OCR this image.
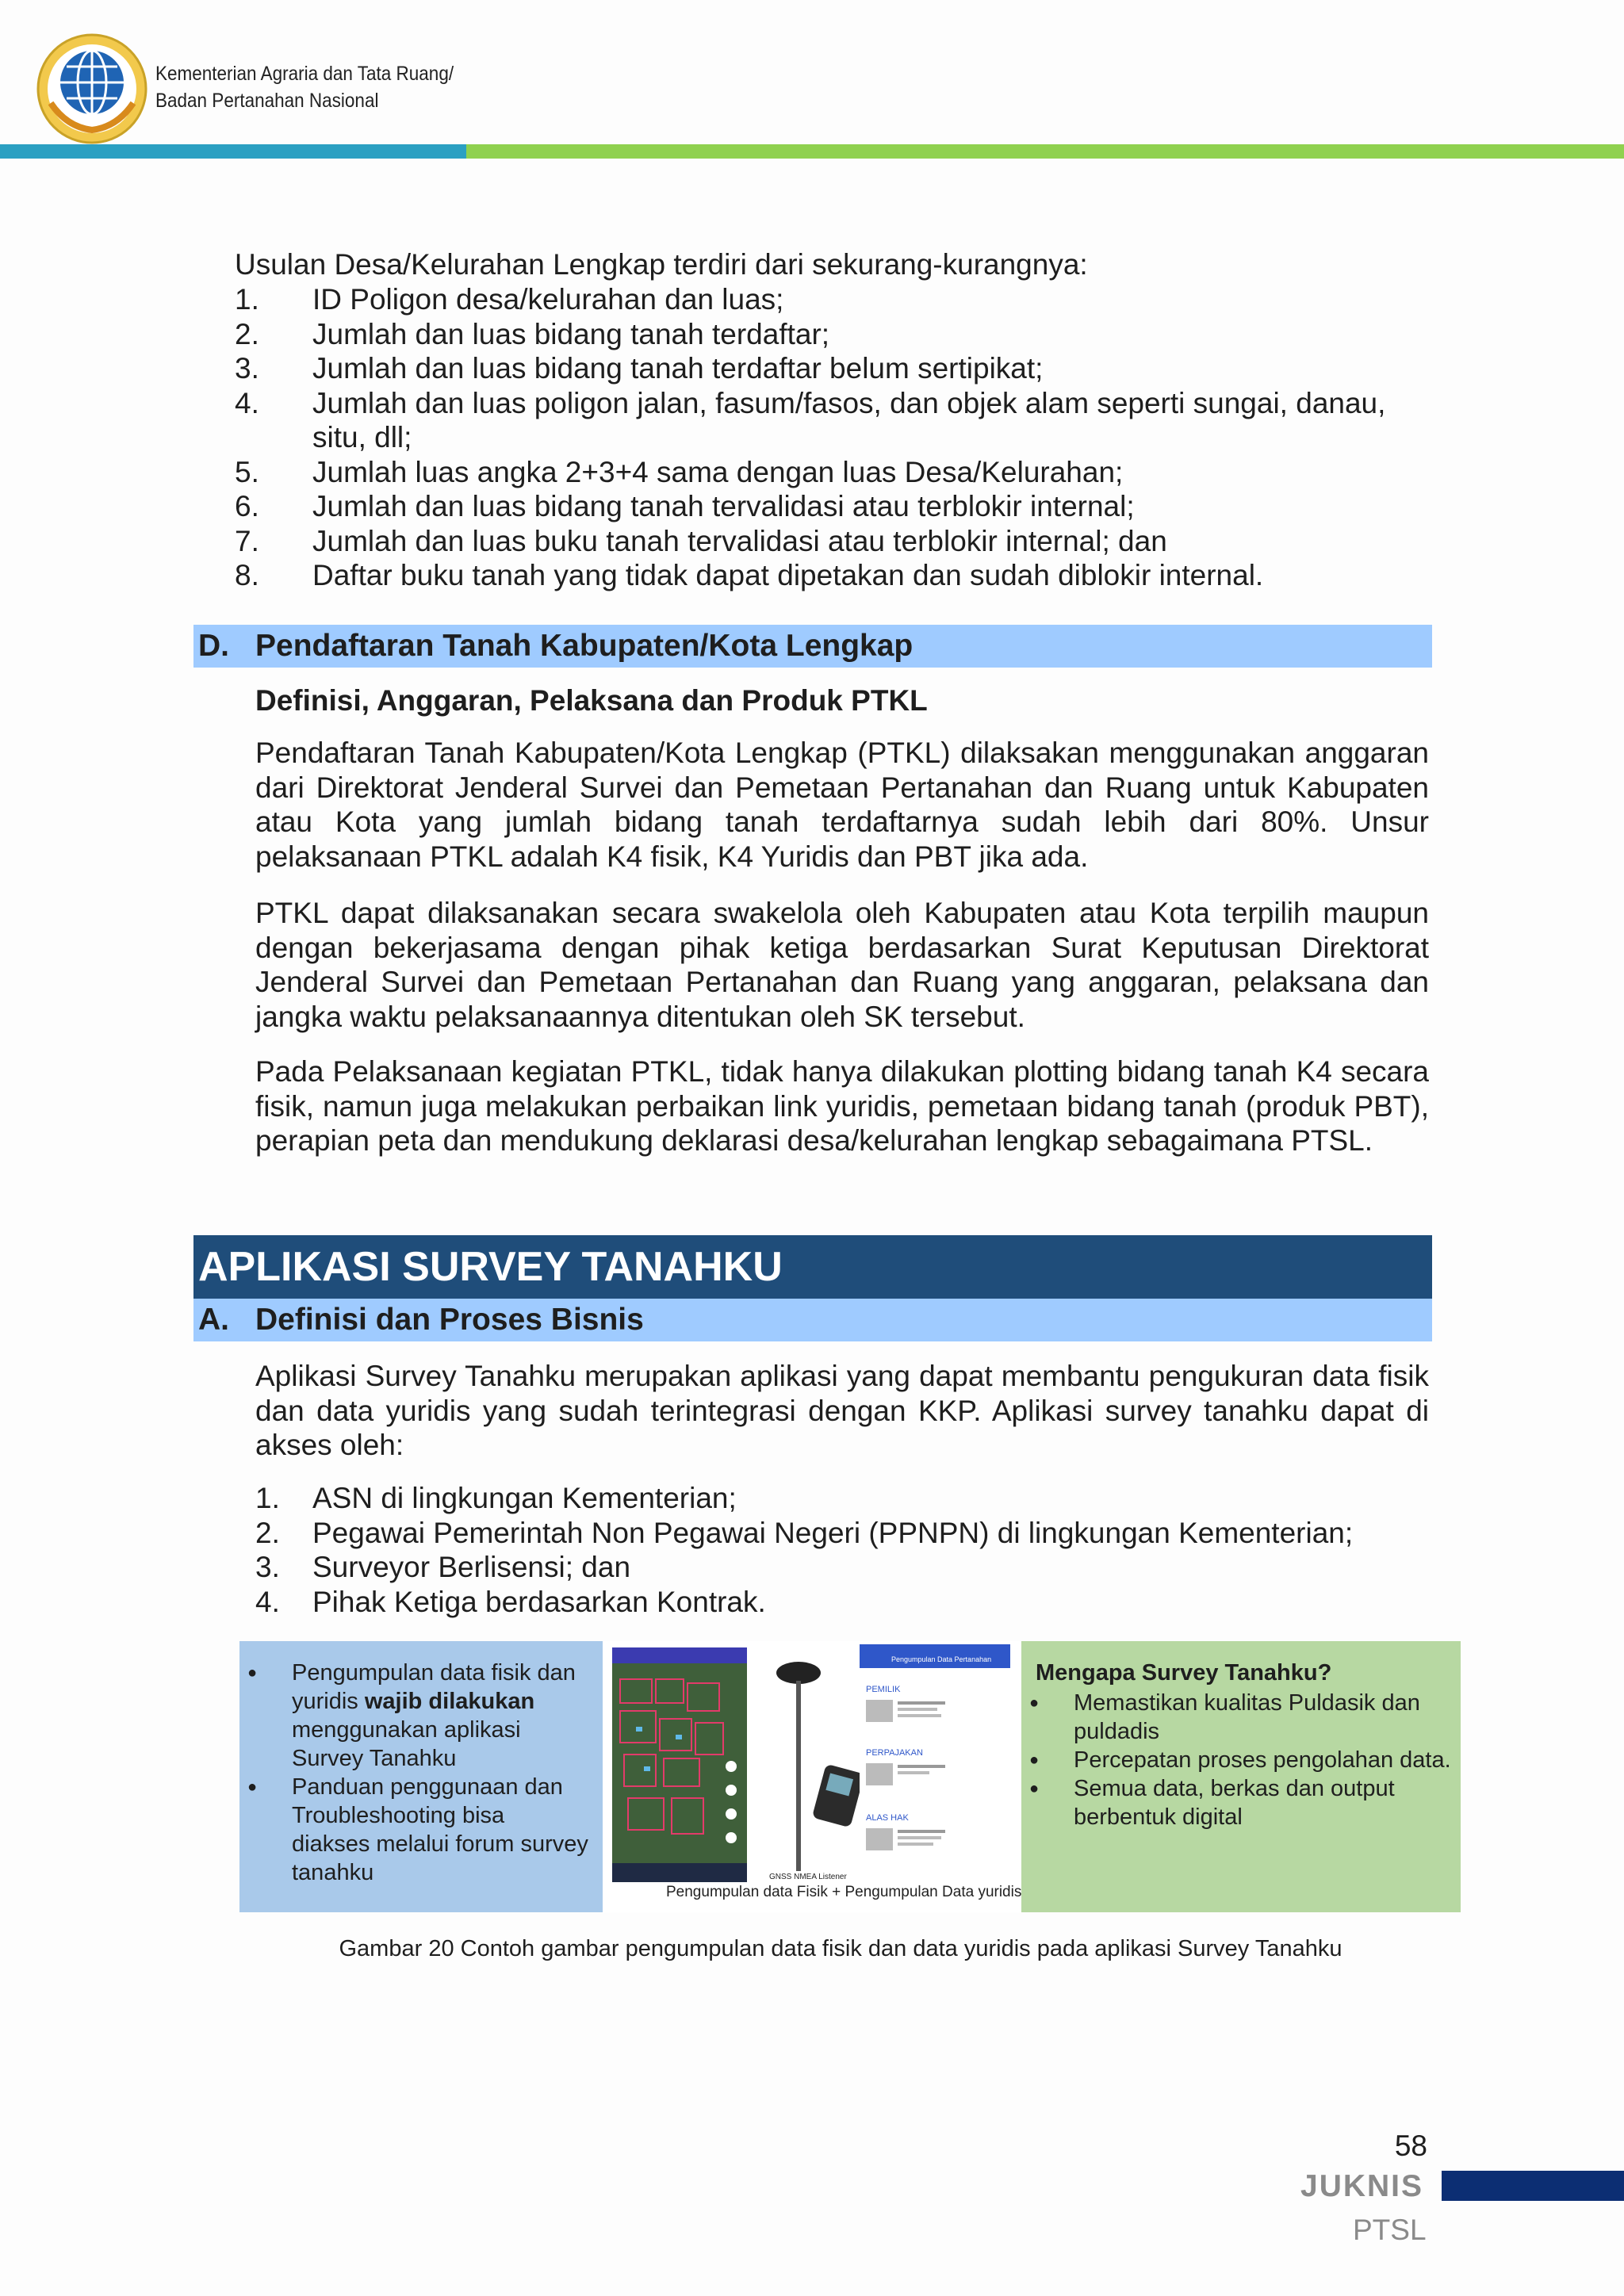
Kementerian Agraria dan Tata Ruang/
Badan Pertanahan Nasional
Usulan Desa/Kelurahan Lengkap terdiri dari sekurang-kurangnya:
1. ID Poligon desa/kelurahan dan luas;
2. Jumlah dan luas bidang tanah terdaftar;
3. Jumlah dan luas bidang tanah terdaftar belum sertipikat;
4. Jumlah dan luas poligon jalan, fasum/fasos, dan objek alam seperti sungai, danau, situ, dll;
5. Jumlah luas angka 2+3+4 sama dengan luas Desa/Kelurahan;
6. Jumlah dan luas bidang tanah tervalidasi atau terblokir internal;
7. Jumlah dan luas buku tanah tervalidasi atau terblokir internal; dan
8. Daftar buku tanah yang tidak dapat dipetakan dan sudah diblokir internal.
D. Pendaftaran Tanah Kabupaten/Kota Lengkap
Definisi, Anggaran, Pelaksana dan Produk PTKL
Pendaftaran Tanah Kabupaten/Kota Lengkap (PTKL) dilaksakan menggunakan anggaran dari Direktorat Jenderal Survei dan Pemetaan Pertanahan dan Ruang untuk Kabupaten atau Kota yang jumlah bidang tanah terdaftarnya sudah lebih dari 80%. Unsur pelaksanaan PTKL adalah K4 fisik, K4 Yuridis dan PBT jika ada.
PTKL dapat dilaksanakan secara swakelola oleh Kabupaten atau Kota terpilih maupun dengan bekerjasama dengan pihak ketiga berdasarkan Surat Keputusan Direktorat Jenderal Survei dan Pemetaan Pertanahan dan Ruang yang anggaran, pelaksana dan jangka waktu pelaksanaannya ditentukan oleh SK tersebut.
Pada Pelaksanaan kegiatan PTKL, tidak hanya dilakukan plotting bidang tanah K4 secara fisik, namun juga melakukan perbaikan link yuridis, pemetaan bidang tanah (produk PBT), perapian peta dan mendukung deklarasi desa/kelurahan lengkap sebagaimana PTSL.
APLIKASI SURVEY TANAHKU
A. Definisi dan Proses Bisnis
Aplikasi Survey Tanahku merupakan aplikasi yang dapat membantu pengukuran data fisik dan data yuridis yang sudah terintegrasi dengan KKP. Aplikasi survey tanahku dapat di akses oleh:
1. ASN di lingkungan Kementerian;
2. Pegawai Pemerintah Non Pegawai Negeri (PPNPN) di lingkungan Kementerian;
3. Surveyor Berlisensi; dan
4. Pihak Ketiga berdasarkan Kontrak.
● Pengumpulan data fisik dan yuridis wajib dilakukan menggunakan aplikasi Survey Tanahku
● Panduan penggunaan dan Troubleshooting bisa diakses melalui forum survey tanahku	GNSS NMEA Listener
Pengumpulan Data Pertanahan
PEMILIK
PERPAJAKAN
ALAS HAK
Pengumpulan data Fisik + Pengumpulan Data yuridis
Mengapa Survey Tanahku?
● Memastikan kualitas Puldasik dan puldadis
● Percepatan proses pengolahan data.
● Semua data, berkas dan output berbentuk digital
Gambar 20 Contoh gambar pengumpulan data fisik dan data yuridis pada aplikasi Survey Tanahku
58
JUKNIS
PTSL
